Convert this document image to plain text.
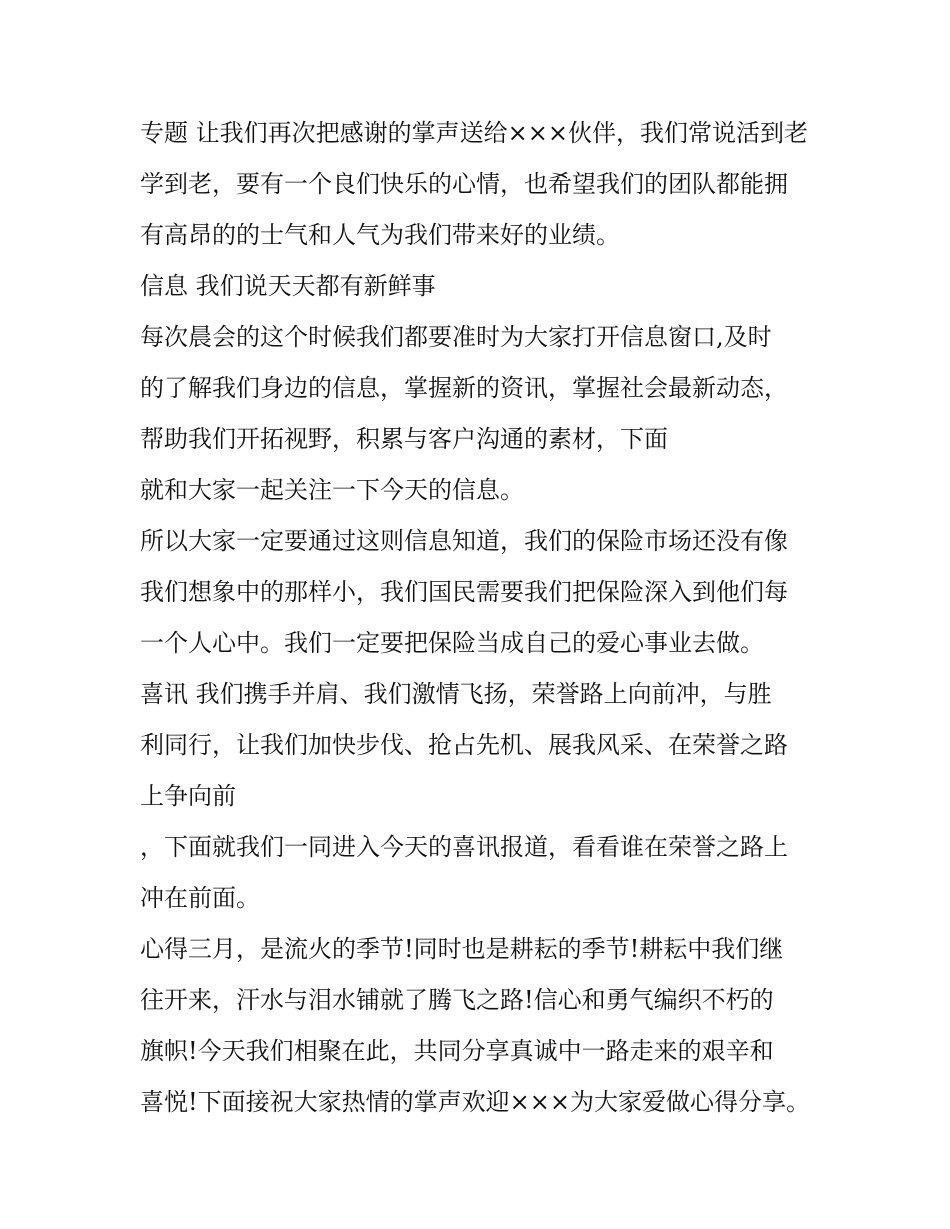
专题 让我们再次把感谢的掌声送给×××伙伴，我们常说活到老
学到老，要有一个良们快乐的心情，也希望我们的团队都能拥
有高昂的的士气和人气为我们带来好的业绩。
信息 我们说天天都有新鲜事
每次晨会的这个时候我们都要准时为大家打开信息窗口,及时
的了解我们身边的信息，掌握新的资讯，掌握社会最新动态，
帮助我们开拓视野，积累与客户沟通的素材，下面
就和大家一起关注一下今天的信息。
所以大家一定要通过这则信息知道，我们的保险市场还没有像
我们想象中的那样小，我们国民需要我们把保险深入到他们每
一个人心中。我们一定要把保险当成自己的爱心事业去做。
喜讯 我们携手并肩、我们激情飞扬，荣誉路上向前冲，与胜
利同行，让我们加快步伐、抢占先机、展我风采、在荣誉之路
上争向前
，下面就我们一同进入今天的喜讯报道，看看谁在荣誉之路上
冲在前面。
心得三月，是流火的季节!同时也是耕耘的季节!耕耘中我们继
往开来，汗水与泪水铺就了腾飞之路!信心和勇气编织不朽的
旗帜!今天我们相聚在此，共同分享真诚中一路走来的艰辛和
喜悦!下面接祝大家热情的掌声欢迎×××为大家爱做心得分享。
